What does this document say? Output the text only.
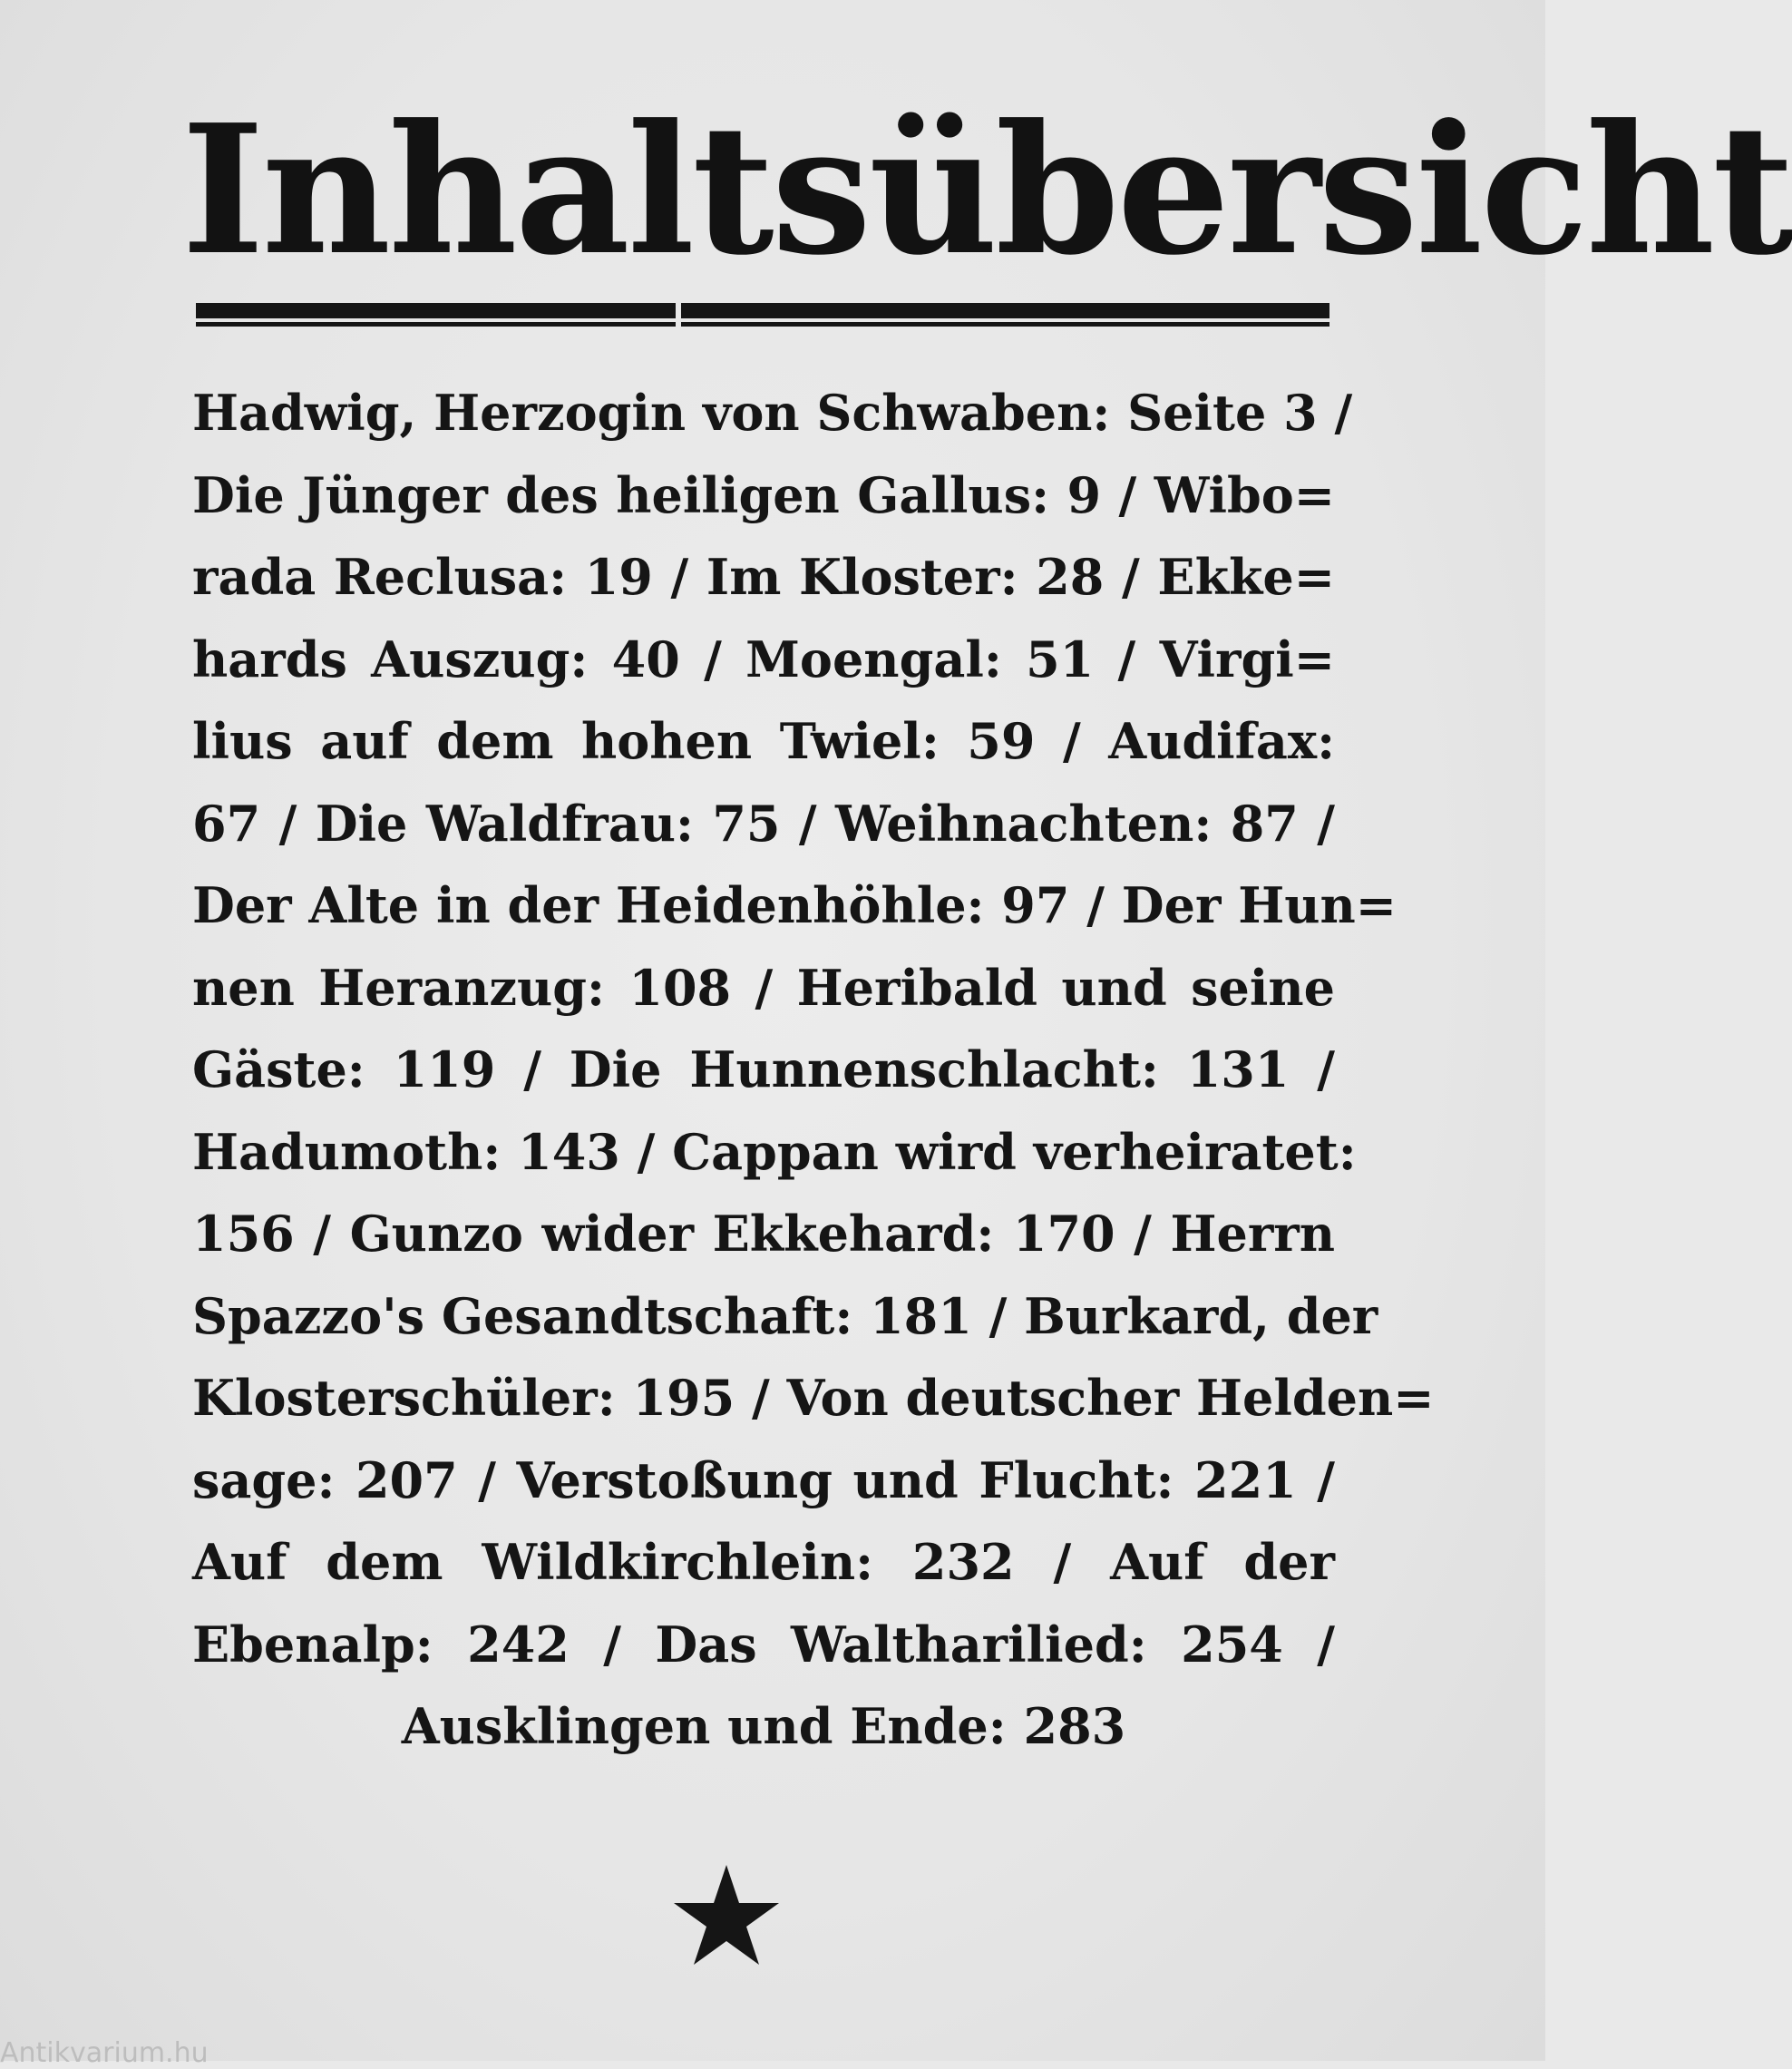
Inhaltsübersicht
Hadwig, Herzogin von Schwaben: Seite 3 /
Die Jünger des heiligen Gallus: 9 / Wibo=
rada Reclusa: 19 / Im Kloster: 28 / Ekke=
hards Auszug: 40 / Moengal: 51 / Virgi=
lius auf dem hohen Twiel: 59 / Audifax:
67 / Die Waldfrau: 75 / Weihnachten: 87 /
Der Alte in der Heidenhöhle: 97 / Der Hun=
nen Heranzug: 108 / Heribald und seine
Gäste: 119 / Die Hunnenschlacht: 131 /
Hadumoth: 143 / Cappan wird verheiratet:
156 / Gunzo wider Ekkehard: 170 / Herrn
Spazzo's Gesandtschaft: 181 / Burkard, der
Klosterschüler: 195 / Von deutscher Helden=
sage: 207 / Verstoßung und Flucht: 221 /
Auf dem Wildkirchlein: 232 / Auf der
Ebenalp: 242 / Das Waltharilied: 254 /
Ausklingen und Ende: 283
Antikvarium.hu
